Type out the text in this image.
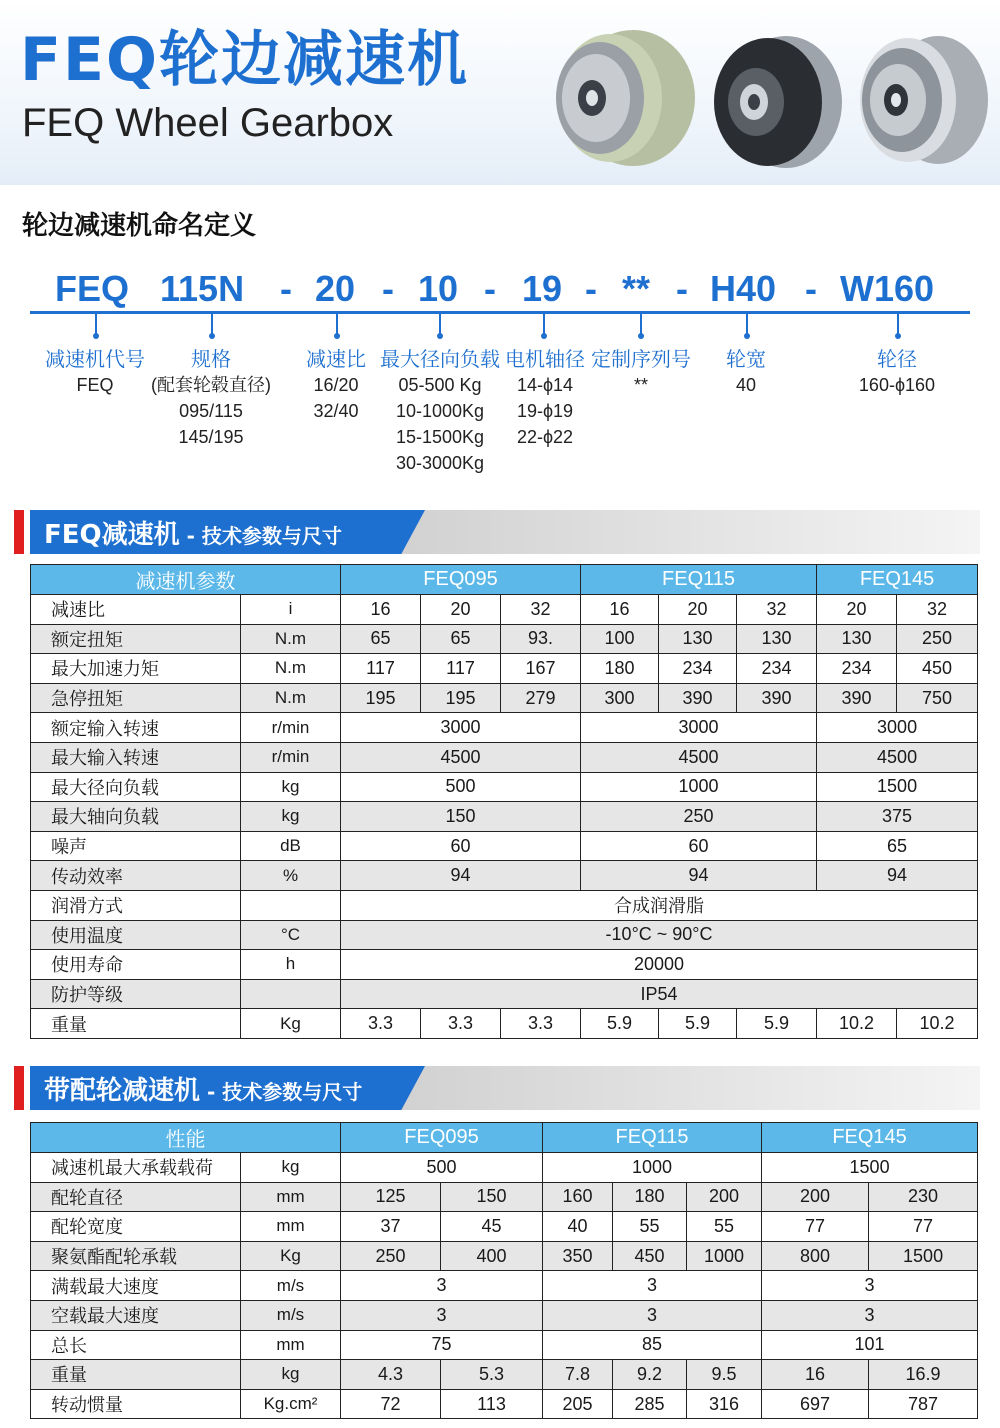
FEQ轮边减速机
FEQ Wheel Gearbox
轮边减速机命名定义
FEQ 115N - 20 - 10 - 19 - ** - H40 - W160
减速机代号
FEQ
规格
(配套轮毂直径)
095/115
145/195
减速比
16/20
32/40
最大径向负载
05-500 Kg
10-1000Kg
15-1500Kg
30-3000Kg
电机轴径
14-ϕ14
19-ϕ19
22-ϕ22
定制序列号
**
轮宽
40
轮径
160-ϕ160
FEQ减速机 - 技术参数与尺寸
减速机参数		FEQ095			FEQ115			FEQ145	
减速比	i	16	20	32	16	20	32	20	32
额定扭矩	N.m	65	65	93.	100	130	130	130	250
最大加速力矩	N.m	117	117	167	180	234	234	234	450
急停扭矩	N.m	195	195	279	300	390	390	390	750
额定输入转速	r/min	3000			3000			3000	
最大输入转速	r/min	4500			4500			4500	
最大径向负载	kg	500			1000			1500	
最大轴向负载	kg	150			250			375	
噪声	dB	60			60			65	
传动效率	%	94			94			94	
润滑方式		合成润滑脂							
使用温度	°C	-10°C ~ 90°C							
使用寿命	h	20000							
防护等级		IP54							
重量	Kg	3.3	3.3	3.3	5.9	5.9	5.9	10.2	10.2
带配轮减速机 - 技术参数与尺寸
性能		FEQ095		FEQ115			FEQ145	
减速机最大承载载荷	kg	500		1000			1500	
配轮直径	mm	125	150	160	180	200	200	230
配轮宽度	mm	37	45	40	55	55	77	77
聚氨酯配轮承载	Kg	250	400	350	450	1000	800	1500
满载最大速度	m/s	3		3			3	
空载最大速度	m/s	3		3			3	
总长	mm	75		85			101	
重量	kg	4.3	5.3	7.8	9.2	9.5	16	16.9
转动惯量	Kg.cm²	72	113	205	285	316	697	787
